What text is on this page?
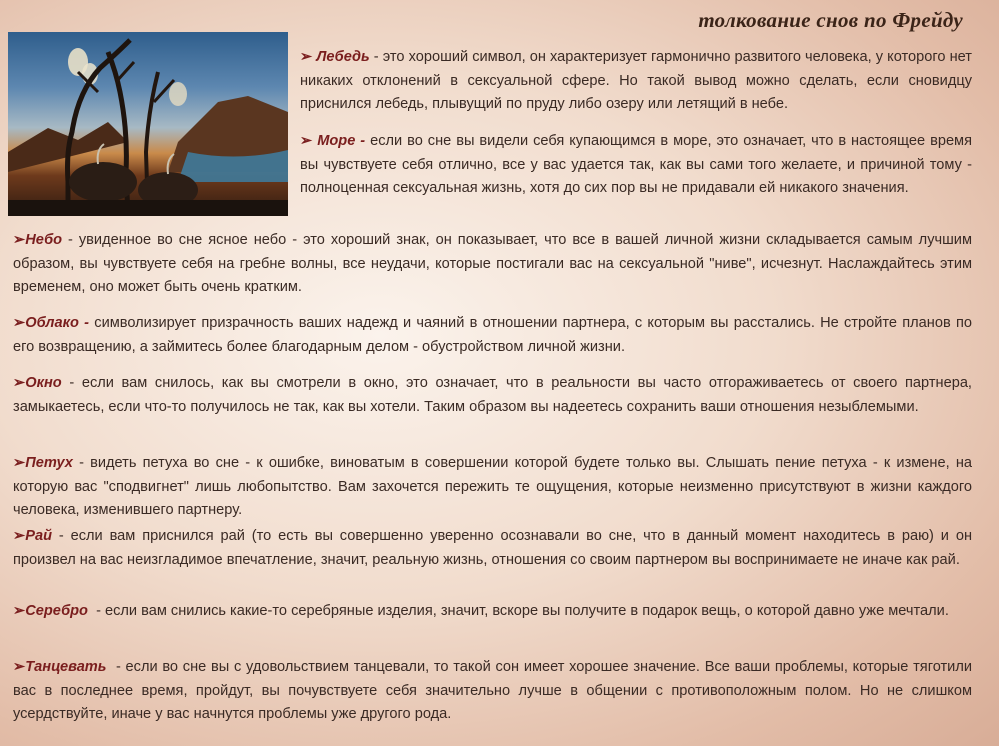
толкование снов по Фрейду

➢ Лебедь - это хороший символ, он характеризует гармонично развитого человека, у которого нет никаких отклонений в сексуальной сфере. Но такой вывод можно сделать, если сновидцу приснился лебедь, плывущий по пруду либо озеру или летящий в небе.

➢ Море - если во сне вы видели себя купающимся в море, это означает, что в настоящее время вы чувствуете себя отлично, все у вас удается так, как вы сами того желаете, и причиной тому - полноценная сексуальная жизнь, хотя до сих пор вы не придавали ей никакого значения.

➢Небо - увиденное во сне ясное небо - это хороший знак, он показывает, что все в вашей личной жизни складывается самым лучшим образом, вы чувствуете себя на гребне волны, все неудачи, которые постигали вас на сексуальной "ниве", исчезнут. Наслаждайтесь этим временем, оно может быть очень кратким.

➢Облако - символизирует призрачность ваших надежд и чаяний в отношении партнера, с которым вы расстались. Не стройте планов по его возвращению, а займитесь более благодарным делом - обустройством личной жизни.

➢Окно - если вам снилось, как вы смотрели в окно, это означает, что в реальности вы часто отгораживаетесь от своего партнера, замыкаетесь, если что-то получилось не так, как вы хотели. Таким образом вы надеетесь сохранить ваши отношения незыблемыми.

➢Петух - видеть петуха во сне - к ошибке, виноватым в совершении которой будете только вы. Слышать пение петуха - к измене, на которую вас "сподвигнет" лишь любопытство. Вам захочется пережить те ощущения, которые неизменно присутствуют в жизни каждого человека, изменившего партнеру.

➢Рай - если вам приснился рай (то есть вы совершенно уверенно осознавали во сне, что в данный момент находитесь в раю) и он произвел на вас неизгладимое впечатление, значит, реальную жизнь, отношения со своим партнером вы воспринимаете не иначе как рай.

➢Серебро - если вам снились какие-то серебряные изделия, значит, вскоре вы получите в подарок вещь, о которой давно уже мечтали.

➢Танцевать - если во сне вы с удовольствием танцевали, то такой сон имеет хорошее значение. Все ваши проблемы, которые тяготили вас в последнее время, пройдут, вы почувствуете себя значительно лучше в общении с противоположным полом. Но не слишком усердствуйте, иначе у вас начнутся проблемы уже другого рода.
